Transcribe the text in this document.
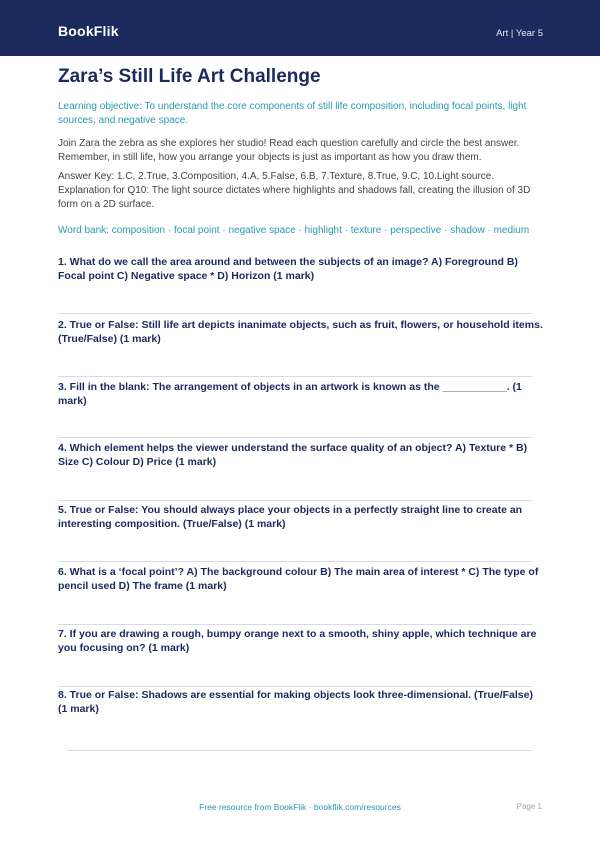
BookFlik	Art | Year 5
Zara’s Still Life Art Challenge

Learning objective: To understand the core components of still life composition, including focal points, light sources, and negative space.

Join Zara the zebra as she explores her studio! Read each question carefully and circle the best answer. Remember, in still life, how you arrange your objects is just as important as how you draw them.

Answer Key: 1.C, 2.True, 3.Composition, 4.A, 5.False, 6.B, 7.Texture, 8.True, 9.C, 10.Light source. Explanation for Q10: The light source dictates where highlights and shadows fall, creating the illusion of 3D form on a 2D surface.

Word bank: composition · focal point · negative space · highlight · texture · perspective · shadow · medium

1. What do we call the area around and between the subjects of an image? A) Foreground B) Focal point C) Negative space * D) Horizon (1 mark)

2. True or False: Still life art depicts inanimate objects, such as fruit, flowers, or household items. (True/False) (1 mark)

3. Fill in the blank: The arrangement of objects in an artwork is known as the ___________. (1 mark)

4. Which element helps the viewer understand the surface quality of an object? A) Texture * B) Size C) Colour D) Price (1 mark)

5. True or False: You should always place your objects in a perfectly straight line to create an interesting composition. (True/False) (1 mark)

6. What is a ‘focal point’? A) The background colour B) The main area of interest * C) The type of pencil used D) The frame (1 mark)

7. If you are drawing a rough, bumpy orange next to a smooth, shiny apple, which technique are you focusing on? (1 mark)

8. True or False: Shadows are essential for making objects look three-dimensional. (True/False) (1 mark)

Free resource from BookFlik · bookflik.com/resources	Page 1
